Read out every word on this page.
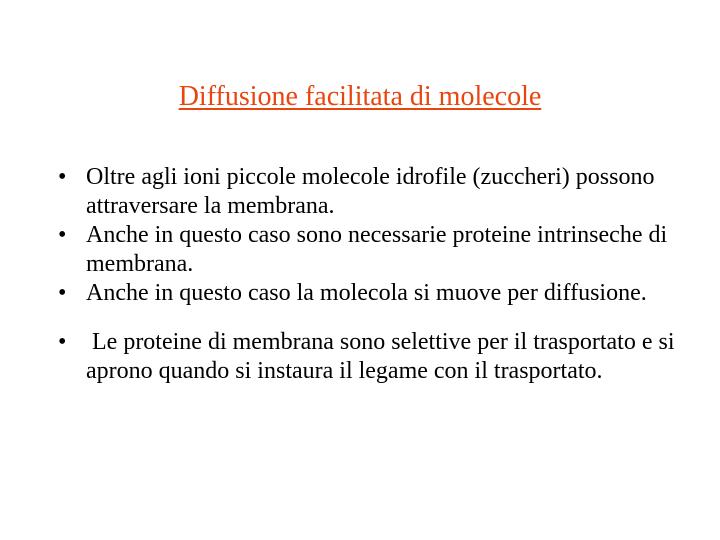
Diffusione facilitata di molecole
• Oltre agli ioni piccole molecole idrofile (zuccheri) possono attraversare la membrana.
• Anche in questo caso sono necessarie proteine intrinseche di membrana.
• Anche in questo caso la molecola si muove per diffusione.
• Le proteine di membrana sono selettive per il trasportato e si aprono quando si instaura il legame con il trasportato.
